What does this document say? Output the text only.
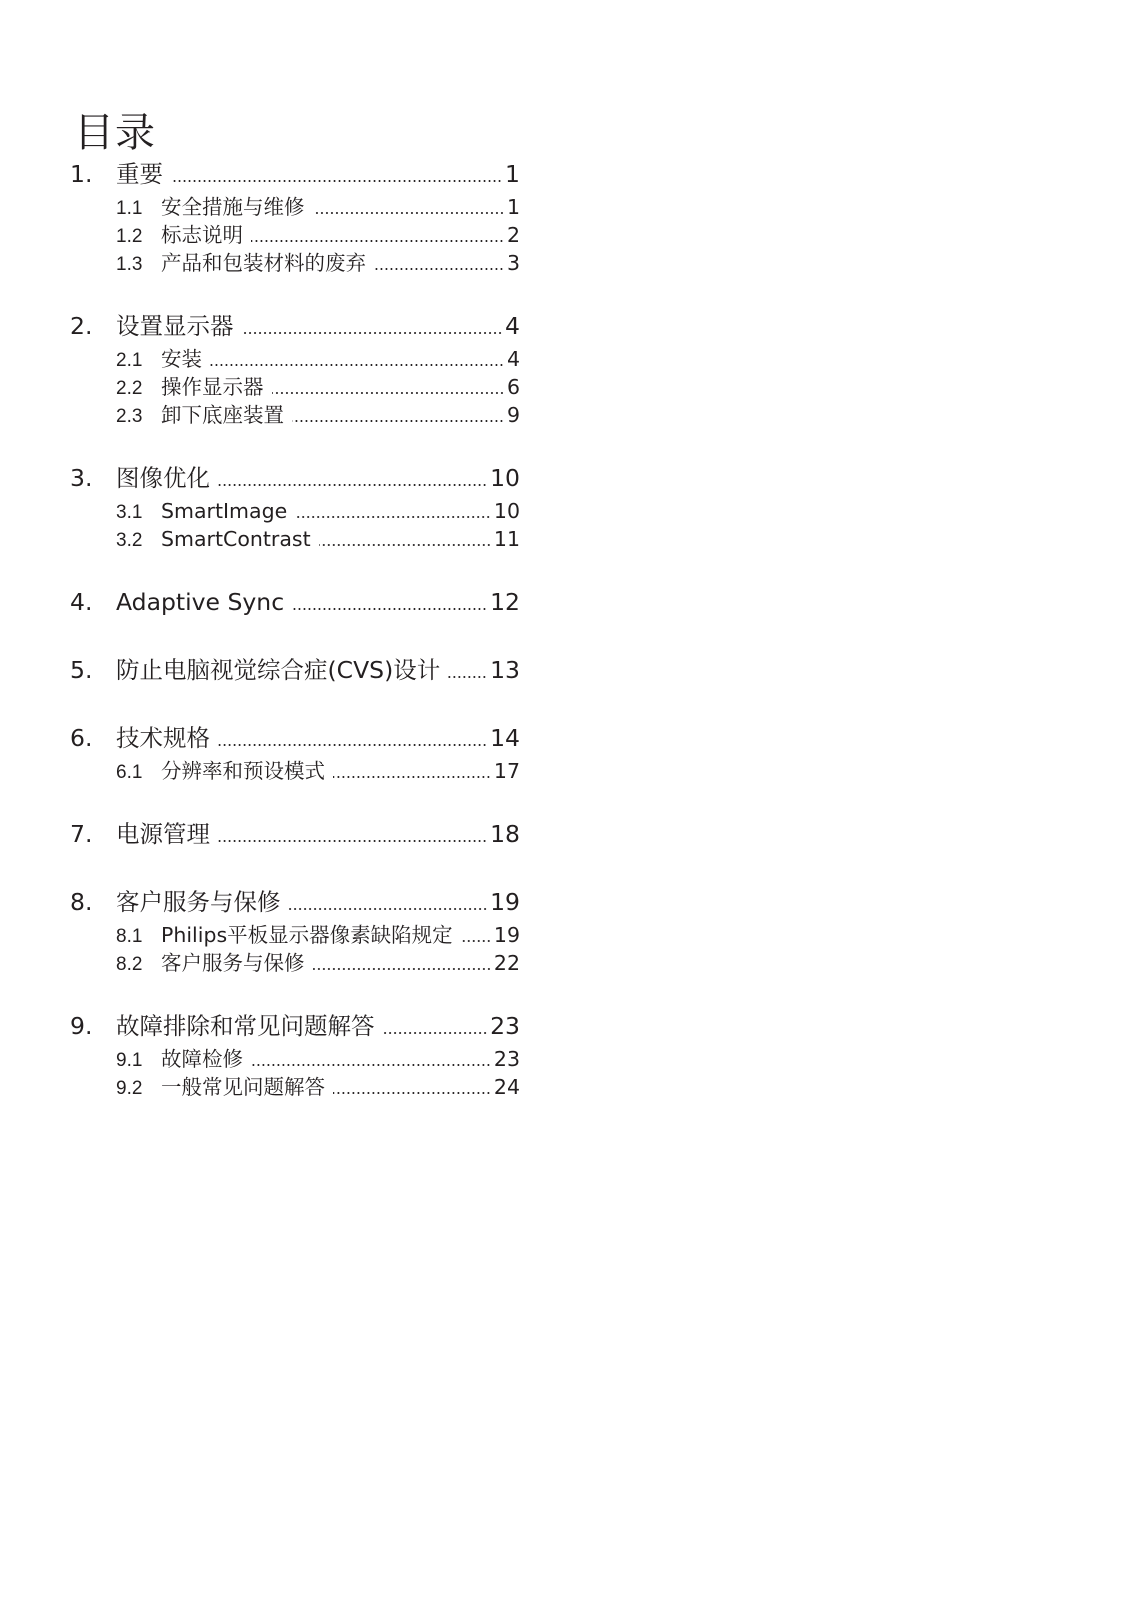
目录
1.	重要	1
1.1 安全措施与维修	1
1.2 标志说明	2
1.3 产品和包装材料的废弃	3
2.	设置显示器	4
2.1 安装	4
2.2 操作显示器	6
2.3 卸下底座装置	9
3.	图像优化	10
3.1 SmartImage	10
3.2 SmartContrast	11
4.	Adaptive Sync	12
5.	防止电脑视觉综合症(CVS)设计 13
6.	技术规格	14
6.1 分辨率和预设模式	17
7.	电源管理	18
8.	客户服务与保修	19
8.1 Philips平板显示器像素缺陷规定 19
8.2 客户服务与保修	22
9.	故障排除和常见问题解答	23
9.1 故障检修	23
9.2 一般常见问题解答	24
